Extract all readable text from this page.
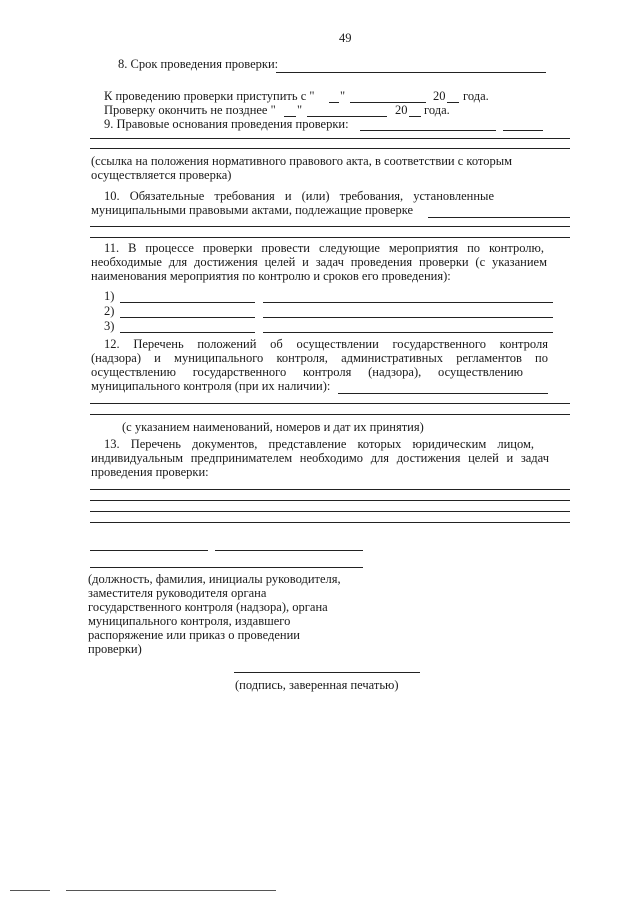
49
8. Срок проведения проверки:
К проведению проверки приступить с " "	20 года.
Проверку окончить не позднее " "	20 года.
9. Правовые основания проведения проверки:
(ссылка на положения нормативного правового акта, в соответствии с которым
осуществляется проверка)
10. Обязательные требования и (или) требования, установленные
муниципальными правовыми актами, подлежащие проверке
11. В процессе проверки провести следующие мероприятия по контролю,
необходимые для достижения целей и задач проведения проверки (с указанием
наименования мероприятия по контролю и сроков его проведения):
1)
2)
3)
12. Перечень положений об осуществлении государственного контроля
(надзора) и муниципального контроля, административных регламентов по
осуществлению государственного контроля (надзора), осуществлению
муниципального контроля (при их наличии):
(с указанием наименований, номеров и дат их принятия)
13. Перечень документов, представление которых юридическим лицом,
индивидуальным предпринимателем необходимо для достижения целей и задач
проведения проверки:
(должность, фамилия, инициалы руководителя,
заместителя руководителя органа
государственного контроля (надзора), органа
муниципального контроля, издавшего
распоряжение или приказ о проведении
проверки)
(подпись, заверенная печатью)
